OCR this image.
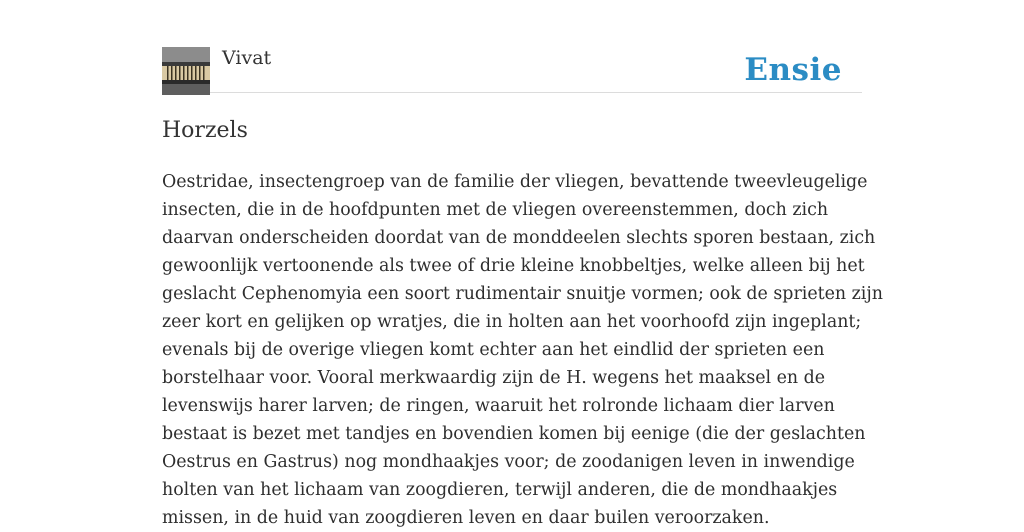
Vivat	Ensie
Horzels
Oestridae, insectengroep van de familie der vliegen, bevattende tweevleugelige
insecten, die in de hoofdpunten met de vliegen overeenstemmen, doch zich
daarvan onderscheiden doordat van de monddeelen slechts sporen bestaan, zich
gewoonlijk vertoonende als twee of drie kleine knobbeltjes, welke alleen bij het
geslacht Cephenomyia een soort rudimentair snuitje vormen; ook de sprieten zijn
zeer kort en gelijken op wratjes, die in holten aan het voorhoofd zijn ingeplant;
evenals bij de overige vliegen komt echter aan het eindlid der sprieten een
borstelhaar voor. Vooral merkwaardig zijn de H. wegens het maaksel en de
levenswijs harer larven; de ringen, waaruit het rolronde lichaam dier larven
bestaat is bezet met tandjes en bovendien komen bij eenige (die der geslachten
Oestrus en Gastrus) nog mondhaakjes voor; de zoodanigen leven in inwendige
holten van het lichaam van zoogdieren, terwijl anderen, die de mondhaakjes
missen, in de huid van zoogdieren leven en daar builen veroorzaken.
